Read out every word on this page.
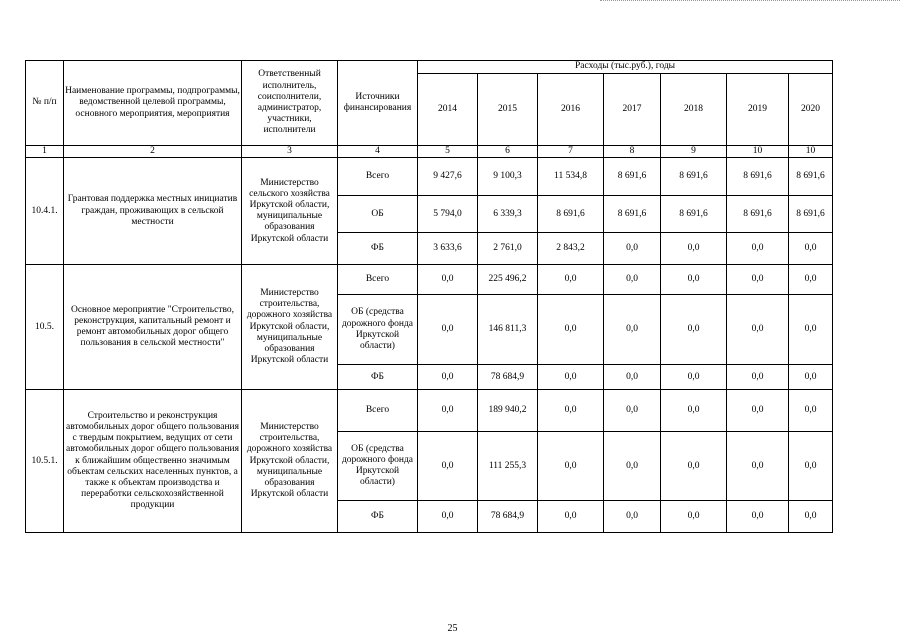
№ п/п	Наименование программы, подпрограммы, ведомственной целевой программы, основного мероприятия, мероприятия	Ответственный исполнитель, соисполнители, администратор, участники, исполнители	Источники финансирования	Расходы (тыс.руб.), годы						
				2014	2015	2016	2017	2018	2019	2020
1	2	3	4	5	6	7	8	9	10	10
10.4.1.	Грантовая поддержка местных инициатив граждан, проживающих в сельской местности	Министерство сельского хозяйства Иркутской области, муниципальные образования Иркутской области	Всего	9 427,6	9 100,3	11 534,8	8 691,6	8 691,6	8 691,6	8 691,6
			ОБ	5 794,0	6 339,3	8 691,6	8 691,6	8 691,6	8 691,6	8 691,6
			ФБ	3 633,6	2 761,0	2 843,2	0,0	0,0	0,0	0,0
10.5.	Основное мероприятие "Строительство, реконструкция, капитальный ремонт и ремонт автомобильных дорог общего пользования в сельской местности"	Министерство строительства, дорожного хозяйства Иркутской области, муниципальные образования Иркутской области	Всего	0,0	225 496,2	0,0	0,0	0,0	0,0	0,0
			ОБ (средства дорожного фонда Иркутской области)	0,0	146 811,3	0,0	0,0	0,0	0,0	0,0
			ФБ	0,0	78 684,9	0,0	0,0	0,0	0,0	0,0
10.5.1.	Строительство и реконструкция автомобильных дорог общего пользования с твердым покрытием, ведущих от сети автомобильных дорог общего пользования к ближайшим общественно значимым объектам сельских населенных пунктов, а также к объектам производства и переработки сельскохозяйственной продукции	Министерство строительства, дорожного хозяйства Иркутской области, муниципальные образования Иркутской области	Всего	0,0	189 940,2	0,0	0,0	0,0	0,0	0,0
			ОБ (средства дорожного фонда Иркутской области)	0,0	111 255,3	0,0	0,0	0,0	0,0	0,0
			ФБ	0,0	78 684,9	0,0	0,0	0,0	0,0	0,0
25
